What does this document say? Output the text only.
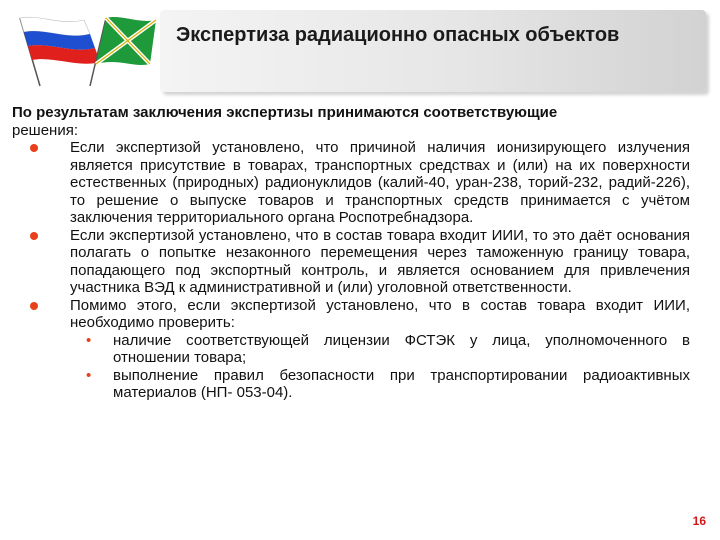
Экспертиза радиационно опасных объектов

По результатам заключения экспертизы принимаются соответствующие
решения:

Если экспертизой установлено, что причиной наличия ионизирующего излучения является присутствие в товарах, транспортных средствах и (или) на их поверхности естественных (природных) радионуклидов (калий-40, уран-238, торий-232, радий-226), то решение о выпуске товаров и транспортных средств принимается с учётом заключения территориального органа Роспотребнадзора.
Если экспертизой установлено, что в состав товара входит ИИИ, то это даёт основания полагать о попытке незаконного перемещения через таможенную границу товара, попадающего под экспортный контроль, и является основанием для привлечения участника ВЭД к административной и (или) уголовной ответственности.
Помимо этого, если экспертизой установлено, что в состав товара входит ИИИ, необходимо проверить:
• наличие соответствующей лицензии ФСТЭК у лица, уполномоченного в отношении товара;
• выполнение правил безопасности при транспортировании радиоактивных материалов (НП- 053-04).
16
